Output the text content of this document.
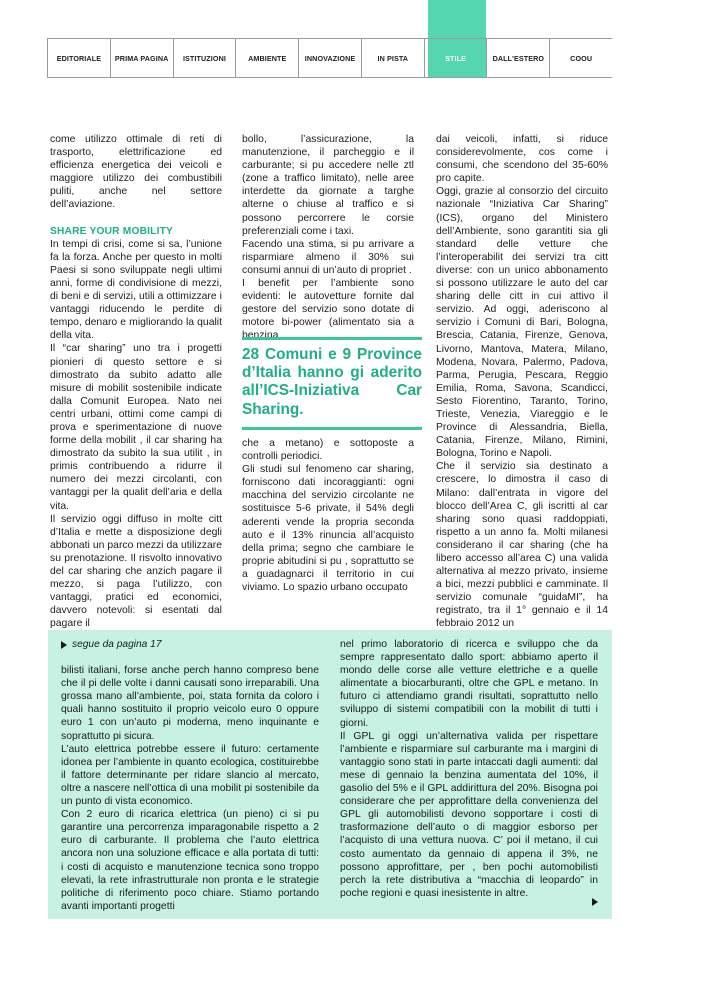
EDITORIALE	PRIMA PAGINA	ISTITUZIONI	AMBIENTE	INNOVAZIONE	IN PISTA	STILE	DALL'ESTERO	COOU

come utilizzo ottimale di reti di trasporto, elettrificazione ed efficienza energetica dei veicoli e maggiore utilizzo dei combustibili puliti, anche nel settore dell’aviazione.

SHARE YOUR MOBILITY

In tempi di crisi, come si sa, l’unione fa la forza. Anche per questo in molti Paesi si sono sviluppate negli ultimi anni, forme di condivisione di mezzi, di beni e di servizi, utili a ottimizzare i vantaggi riducendo le perdite di tempo, denaro e migliorando la qualit della vita.

Il “car sharing” uno tra i progetti pionieri di questo settore e si dimostrato da subito adatto alle misure di mobilit sostenibile indicate dalla Comunit Europea. Nato nei centri urbani, ottimi come campi di prova e sperimentazione di nuove forme della mobilit , il car sharing ha dimostrato da subito la sua utilit , in primis contribuendo a ridurre il numero dei mezzi circolanti, con vantaggi per la qualit dell’aria e della vita.

Il servizio oggi diffuso in molte citt d’Italia e mette a disposizione degli abbonati un parco mezzi da utilizzare su prenotazione. Il risvolto innovativo del car sharing che anzich pagare il mezzo, si paga l’utilizzo, con vantaggi, pratici ed economici, davvero notevoli: si esentati dal pagare il

bollo, l’assicurazione, la manutenzione, il parcheggio e il carburante; si pu accedere nelle ztl (zone a traffico limitato), nelle aree interdette da giornate a targhe alterne o chiuse al traffico e si possono percorrere le corsie preferenziali come i taxi.

Facendo una stima, si pu arrivare a risparmiare almeno il 30% sui consumi annui di un’auto di propriet .

I benefit per l’ambiente sono evidenti: le autovetture fornite dal gestore del servizio sono dotate di motore bi-power (alimentato sia a benzina

28 Comuni e 9 Province d’Italia hanno gi aderito all’ICS-Iniziativa Car Sharing.

che a metano) e sottoposte a controlli periodici.

Gli studi sul fenomeno car sharing, forniscono dati incoraggianti: ogni macchina del servizio circolante ne sostituisce 5-6 private, il 54% degli aderenti vende la propria seconda auto e il 13% rinuncia all’acquisto della prima; segno che cambiare le proprie abitudini si pu , soprattutto se a guadagnarci il territorio in cui viviamo. Lo spazio urbano occupato

dai veicoli, infatti, si riduce considerevolmente, cos come i consumi, che scendono del 35-60% pro capite.

Oggi, grazie al consorzio del circuito nazionale “Iniziativa Car Sharing” (ICS), organo del Ministero dell’Ambiente, sono garantiti sia gli standard delle vetture che l’interoperabilit dei servizi tra citt diverse: con un unico abbonamento si possono utilizzare le auto del car sharing delle citt in cui attivo il servizio. Ad oggi, aderiscono al servizio i Comuni di Bari, Bologna, Brescia, Catania, Firenze, Genova, Livorno, Mantova, Matera, Milano, Modena, Novara, Palermo, Padova, Parma, Perugia, Pescara, Reggio Emilia, Roma, Savona, Scandicci, Sesto Fiorentino, Taranto, Torino, Trieste, Venezia, Viareggio e le Province di Alessandria, Biella, Catania, Firenze, Milano, Rimini, Bologna, Torino e Napoli.

Che il servizio sia destinato a crescere, lo dimostra il caso di Milano: dall’entrata in vigore del blocco dell’Area C, gli iscritti al car sharing sono quasi raddoppiati, rispetto a un anno fa. Molti milanesi considerano il car sharing (che ha libero accesso all’area C) una valida alternativa al mezzo privato, insieme a bici, mezzi pubblici e camminate. Il servizio comunale “guidaMI”, ha registrato, tra il 1° gennaio e il 14 febbraio 2012 un

segue da pagina 17

bilisti italiani, forse anche perch hanno compreso bene che il pi delle volte i danni causati sono irreparabili. Una grossa mano all’ambiente, poi, stata fornita da coloro i quali hanno sostituito il proprio veicolo euro 0 oppure euro 1 con un’auto pi moderna, meno inquinante e soprattutto pi sicura.

L’auto elettrica potrebbe essere il futuro: certamente idonea per l’ambiente in quanto ecologica, costituirebbe il fattore determinante per ridare slancio al mercato, oltre a nascere nell’ottica di una mobilit pi sostenibile da un punto di vista economico.

Con 2 euro di ricarica elettrica (un pieno) ci si pu garantire una percorrenza imparagonabile rispetto a 2 euro di carburante. Il problema che l’auto elettrica ancora non una soluzione efficace e alla portata di tutti: i costi di acquisto e manutenzione tecnica sono troppo elevati, la rete infrastrutturale non pronta e le strategie politiche di riferimento poco chiare. Stiamo portando avanti importanti progetti

nel primo laboratorio di ricerca e sviluppo che da sempre rappresentato dallo sport: abbiamo aperto il mondo delle corse alle vetture elettriche e a quelle alimentate a biocarburanti, oltre che GPL e metano. In futuro ci attendiamo grandi risultati, soprattutto nello sviluppo di sistemi compatibili con la mobilit di tutti i giorni.

Il GPL gi oggi un’alternativa valida per rispettare l’ambiente e risparmiare sul carburante ma i margini di vantaggio sono stati in parte intaccati dagli aumenti: dal mese di gennaio la benzina aumentata del 10%, il gasolio del 5% e il GPL addirittura del 20%. Bisogna poi considerare che per approfittare della convenienza del GPL gli automobilisti devono sopportare i costi di trasformazione dell’auto o di maggior esborso per l’acquisto di una vettura nuova. C’ poi il metano, il cui costo aumentato da gennaio di appena il 3%, ne possono approfittare, per , ben pochi automobilisti perch la rete distributiva a “macchia di leopardo” in poche regioni e quasi inesistente in altre.
